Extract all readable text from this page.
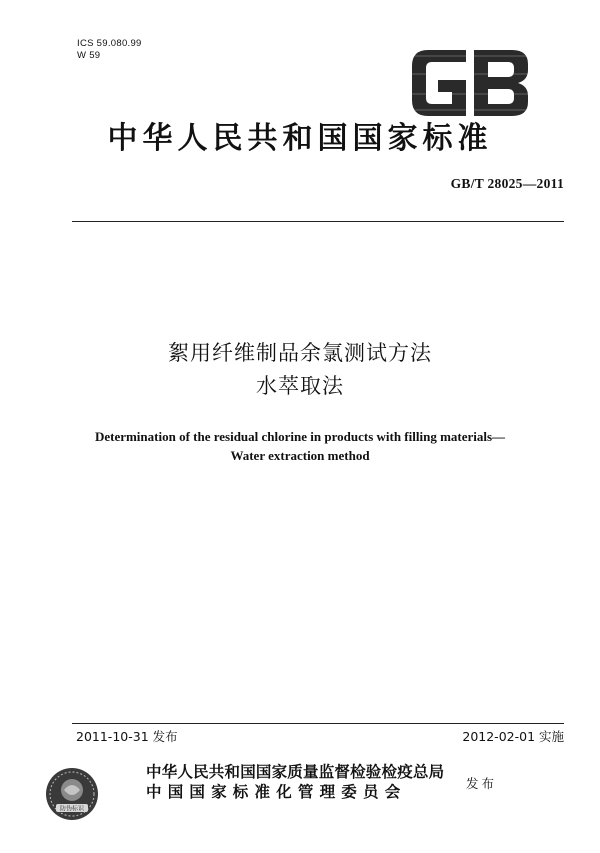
ICS 59.080.99
W 59
中华人民共和国国家标准
GB/T 28025—2011
絮用纤维制品余氯测试方法
水萃取法
Determination of the residual chlorine in products with filling materials—
Water extraction method
2011-10-31 发布	2012-02-01 实施
防伪标识
中华人民共和国国家质量监督检验检疫总局
中国国家标准化管理委员会	发布
